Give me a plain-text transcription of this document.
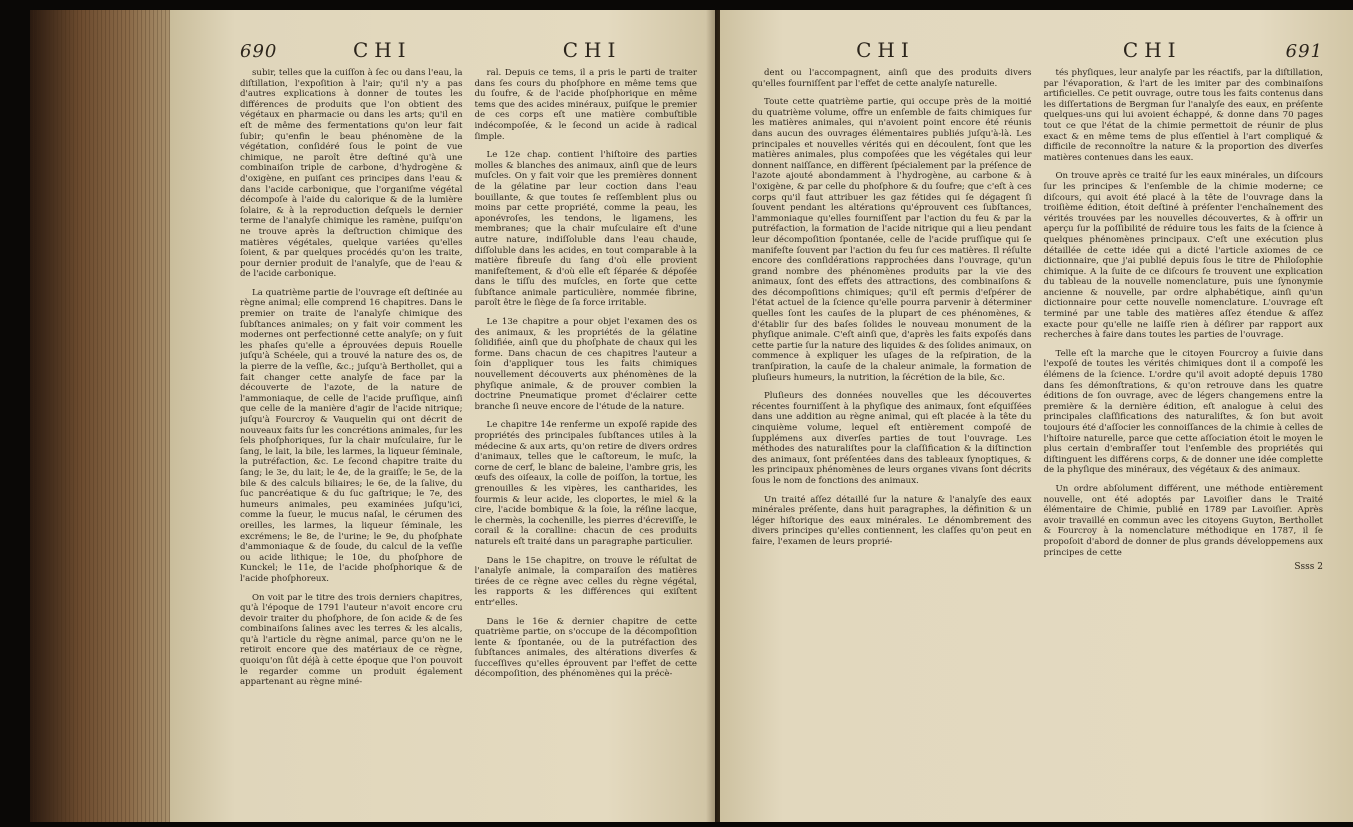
690	CHI	CHI

subir, telles que la cuiſſon à ſec ou dans l'eau, la diſtillation, l'expoſition à l'air; qu'il n'y a pas d'autres explications à donner de toutes les différences de produits que l'on obtient des végétaux en pharmacie ou dans les arts; qu'il en eſt de même des fermentations qu'on leur fait ſubir; qu'enfin le beau phénomène de la végétation, conſidéré ſous le point de vue chimique, ne paroît être deſtiné qu'à une combinaiſon triple de carbone, d'hydrogène & d'oxigène, en puiſant ces principes dans l'eau & dans l'acide carbonique, que l'organiſme végétal décompoſe à l'aide du calorique & de la lumière ſolaire, & à la reproduction deſquels le dernier terme de l'analyſe chimique les ramène, puiſqu'on ne trouve après la deſtruction chimique des matières végétales, quelque variées qu'elles ſoient, & par quelques procédés qu'on les traite, pour dernier produit de l'analyſe, que de l'eau & de l'acide carbonique.

La quatrième partie de l'ouvrage eſt deſtinée au règne animal; elle comprend 16 chapitres. Dans le premier on traite de l'analyſe chimique des ſubſtances animales; on y fait voir comment les modernes ont perfectionné cette analyſe; on y ſuit les phaſes qu'elle a éprouvées depuis Rouelle juſqu'à Schéele, qui a trouvé la nature des os, de la pierre de la veſſie, &c.; juſqu'à Berthollet, qui a fait changer cette analyſe de face par la découverte de l'azote, de la nature de l'ammoniaque, de celle de l'acide pruſſique, ainſi que celle de la manière d'agir de l'acide nitrique; juſqu'à Fourcroy & Vauquelin qui ont décrit de nouveaux faits ſur les concrétions animales, ſur les ſels phoſphoriques, ſur la chair muſculaire, ſur le ſang, le lait, la bile, les larmes, la liqueur ſéminale, la putréfaction, &c. Le ſecond chapitre traite du ſang; le 3e, du lait; le 4e, de la graiſſe; le 5e, de la bile & des calculs biliaires; le 6e, de la ſalive, du ſuc pancréatique & du ſuc gaſtrique; le 7e, des humeurs animales, peu examinées juſqu'ici, comme la ſueur, le mucus naſal, le cérumen des oreilles, les larmes, la liqueur ſéminale, les excrémens; le 8e, de l'urine; le 9e, du phoſphate d'ammoniaque & de ſoude, du calcul de la veſſie ou acide lithique; le 10e, du phoſphore de Kunckel; le 11e, de l'acide phoſphorique & de l'acide phoſphoreux.

On voit par le titre des trois derniers chapitres, qu'à l'époque de 1791 l'auteur n'avoit encore cru devoir traiter du phoſphore, de ſon acide & de ſes combinaiſons ſalines avec les terres & les alcalis, qu'à l'article du règne animal, parce qu'on ne le retiroit encore que des matériaux de ce règne, quoiqu'on ſût déjà à cette époque que l'on pouvoit le regarder comme un produit également appartenant au règne miné-

ral. Depuis ce tems, il a pris le parti de traiter dans ſes cours du phoſphore en même tems que du ſoufre, & de l'acide phoſphorique en même tems que des acides minéraux, puiſque le premier de ces corps eſt une matière combuſtible indécompoſée, & le ſecond un acide à radical ſimple.

Le 12e chap. contient l'hiſtoire des parties molles & blanches des animaux, ainſi que de leurs muſcles. On y fait voir que les premières donnent de la gélatine par leur coction dans l'eau bouillante, & que toutes ſe reſſemblent plus ou moins par cette propriété, comme la peau, les aponévroſes, les tendons, le ligamens, les membranes; que la chair muſculaire eſt d'une autre nature, indiſſoluble dans l'eau chaude, diſſoluble dans les acides, en tout comparable à la matière fibreuſe du ſang d'où elle provient manifeſtement, & d'où elle eſt ſéparée & dépoſée dans le tiſſu des muſcles, en ſorte que cette ſubſtance animale particulière, nommée fibrine, paroît être le ſiège de ſa force irritable.

Le 13e chapitre a pour objet l'examen des os des animaux, & les propriétés de la gélatine ſolidifiée, ainſi que du phoſphate de chaux qui les forme. Dans chacun de ces chapitres l'auteur a ſoin d'appliquer tous les faits chimiques nouvellement découverts aux phénomènes de la phyſique animale, & de prouver combien la doctrine Pneumatique promet d'éclairer cette branche ſi neuve encore de l'étude de la nature.

Le chapitre 14e renferme un expoſé rapide des propriétés des principales ſubſtances utiles à la médecine & aux arts, qu'on retire de divers ordres d'animaux, telles que le caſtoreum, le muſc, la corne de cerf, le blanc de baleine, l'ambre gris, les œufs des oiſeaux, la colle de poiſſon, la tortue, les grenouilles & les vipères, les cantharides, les fourmis & leur acide, les cloportes, le miel & la cire, l'acide bombique & la ſoie, la réſine lacque, le chermès, la cochenille, les pierres d'écreviſſe, le corail & la coralline: chacun de ces produits naturels eſt traité dans un paragraphe particulier.

Dans le 15e chapitre, on trouve le réſultat de l'analyſe animale, la comparaiſon des matières tirées de ce règne avec celles du règne végétal, les rapports & les différences qui exiſtent entr'elles.

Dans le 16e & dernier chapitre de cette quatrième partie, on s'occupe de la décompoſition lente & ſpontanée, ou de la putréfaction des ſubſtances animales, des altérations diverſes & ſucceſſives qu'elles éprouvent par l'effet de cette décompoſition, des phénomènes qui la précè-

CHI	CHI	691

dent ou l'accompagnent, ainſi que des produits divers qu'elles fourniſſent par l'effet de cette analyſe naturelle.

Toute cette quatrième partie, qui occupe près de la moitié du quatrième volume, offre un enſemble de faits chimiques ſur les matières animales, qui n'avoient point encore été réunis dans aucun des ouvrages élémentaires publiés juſqu'à-là. Les principales et nouvelles vérités qui en découlent, ſont que les matières animales, plus compoſées que les végétales qui leur donnent naiſſance, en diffèrent ſpécialement par la préſence de l'azote ajouté abondamment à l'hydrogène, au carbone & à l'oxigène, & par celle du phoſphore & du ſoufre; que c'eſt à ces corps qu'il faut attribuer les gaz fétides qui ſe dégagent ſi ſouvent pendant les altérations qu'éprouvent ces ſubſtances, l'ammoniaque qu'elles fourniſſent par l'action du feu & par la putréfaction, la formation de l'acide nitrique qui a lieu pendant leur décompoſition ſpontanée, celle de l'acide pruſſique qui ſe manifeſte ſouvent par l'action du feu ſur ces matières. Il réſulte encore des conſidérations rapprochées dans l'ouvrage, qu'un grand nombre des phénomènes produits par la vie des animaux, ſont des effets des attractions, des combinaiſons & des décompoſitions chimiques; qu'il eſt permis d'eſpérer de l'état actuel de la ſcience qu'elle pourra parvenir à déterminer quelles ſont les cauſes de la plupart de ces phénomènes, & d'établir ſur des baſes ſolides le nouveau monument de la phyſique animale. C'eſt ainſi que, d'après les faits expoſés dans cette partie ſur la nature des liquides & des ſolides animaux, on commence à expliquer les uſages de la reſpiration, de la tranſpiration, la cauſe de la chaleur animale, la formation de pluſieurs humeurs, la nutrition, la ſécrétion de la bile, &c.

Pluſieurs des données nouvelles que les découvertes récentes fourniſſent à la phyſique des animaux, ſont eſquiſſées dans une addition au règne animal, qui eſt placée à la tête du cinquième volume, lequel eſt entièrement compoſé de ſupplémens aux diverſes parties de tout l'ouvrage. Les méthodes des naturaliſtes pour la claſſification & la diſtinction des animaux, ſont préſentées dans des tableaux ſynoptiques, & les principaux phénomènes de leurs organes vivans ſont décrits ſous le nom de fonctions des animaux.

Un traité aſſez détaillé ſur la nature & l'analyſe des eaux minérales préſente, dans huit paragraphes, la définition & un léger hiſtorique des eaux minérales. Le dénombrement des divers principes qu'elles contiennent, les claſſes qu'on peut en faire, l'examen de leurs proprié-

tés phyſiques, leur analyſe par les réactifs, par la diſtillation, par l'évaporation, & l'art de les imiter par des combinaiſons artificielles. Ce petit ouvrage, outre tous les faits contenus dans les diſſertations de Bergman ſur l'analyſe des eaux, en préſente quelques-uns qui lui avoient échappé, & donne dans 70 pages tout ce que l'état de la chimie permettoit de réunir de plus exact & en même tems de plus eſſentiel à l'art compliqué & difficile de reconnoître la nature & la proportion des diverſes matières contenues dans les eaux.

On trouve après ce traité ſur les eaux minérales, un diſcours ſur les principes & l'enſemble de la chimie moderne; ce diſcours, qui avoit été placé à la tête de l'ouvrage dans la troiſième édition, étoit deſtiné à préſenter l'enchaînement des vérités trouvées par les nouvelles découvertes, & à offrir un aperçu ſur la poſſibilité de réduire tous les faits de la ſcience à quelques phénomènes principaux. C'eſt une exécution plus détaillée de cette idée qui a dicté l'article axiomes de ce dictionnaire, que j'ai publié depuis ſous le titre de Philoſophie chimique. A la ſuite de ce diſcours ſe trouvent une explication du tableau de la nouvelle nomenclature, puis une ſynonymie ancienne & nouvelle, par ordre alphabétique, ainſi qu'un dictionnaire pour cette nouvelle nomenclature. L'ouvrage eſt terminé par une table des matières aſſez étendue & aſſez exacte pour qu'elle ne laiſſe rien à déſirer par rapport aux recherches à faire dans toutes les parties de l'ouvrage.

Telle eſt la marche que le citoyen Fourcroy a ſuivie dans l'expoſé de toutes les vérités chimiques dont il a compoſé les élémens de la ſcience. L'ordre qu'il avoit adopté depuis 1780 dans ſes démonſtrations, & qu'on retrouve dans les quatre éditions de ſon ouvrage, avec de légers changemens entre la première & la dernière édition, eſt analogue à celui des principales claſſifications des naturaliſtes, & ſon but avoit toujours été d'aſſocier les connoiſſances de la chimie à celles de l'hiſtoire naturelle, parce que cette aſſociation étoit le moyen le plus certain d'embraſſer tout l'enſemble des propriétés qui diſtinguent les différens corps, & de donner une idée complette de la phyſique des minéraux, des végétaux & des animaux.

Un ordre abſolument différent, une méthode entièrement nouvelle, ont été adoptés par Lavoiſier dans le Traité élémentaire de Chimie, publié en 1789 par Lavoiſier. Après avoir travaillé en commun avec les citoyens Guyton, Berthollet & Fourcroy à la nomenclature méthodique en 1787, il ſe propoſoit d'abord de donner de plus grands développemens aux principes de cette

Ssss 2
